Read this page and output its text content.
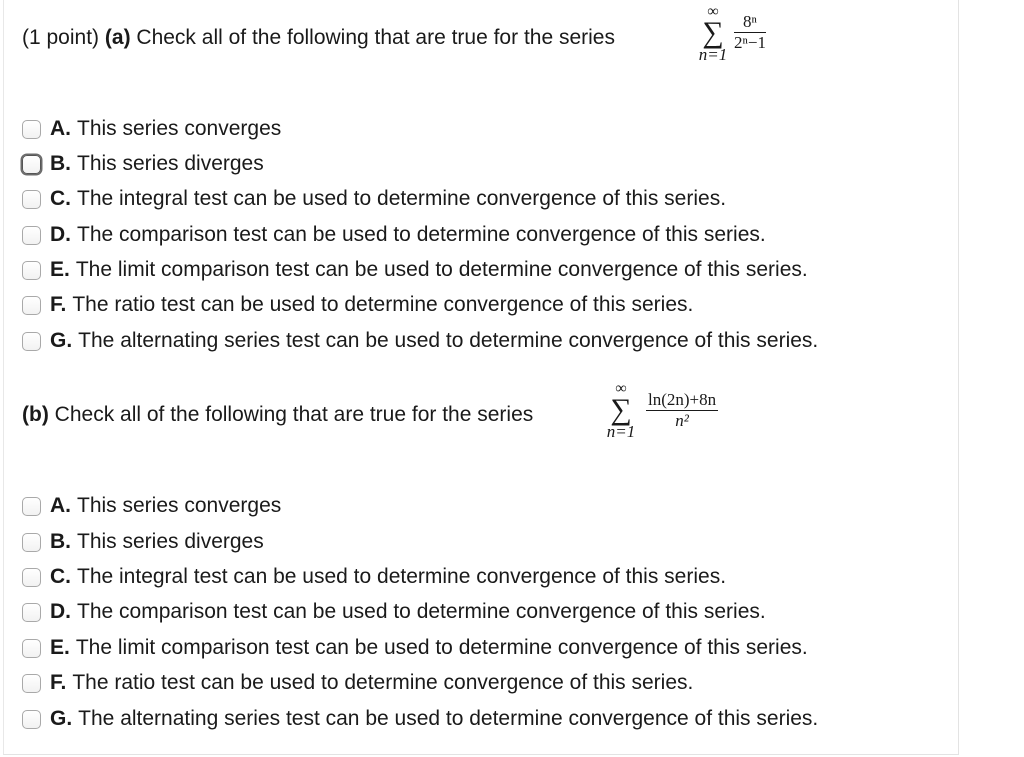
(1 point) (a) Check all of the following that are true for the series
∞
∑
n=1
$\frac{\text{8ⁿ}}{\text{2ⁿ−1}}$
A. This series converges
B. This series diverges
C. The integral test can be used to determine convergence of this series.
D. The comparison test can be used to determine convergence of this series.
E. The limit comparison test can be used to determine convergence of this series.
F. The ratio test can be used to determine convergence of this series.
G. The alternating series test can be used to determine convergence of this series.
(b) Check all of the following that are true for the series
∞
∑
n=1
$\frac{\ln(2n)+8n}{\text{n²}}$
A. This series converges
B. This series diverges
C. The integral test can be used to determine convergence of this series.
D. The comparison test can be used to determine convergence of this series.
E. The limit comparison test can be used to determine convergence of this series.
F. The ratio test can be used to determine convergence of this series.
G. The alternating series test can be used to determine convergence of this series.
